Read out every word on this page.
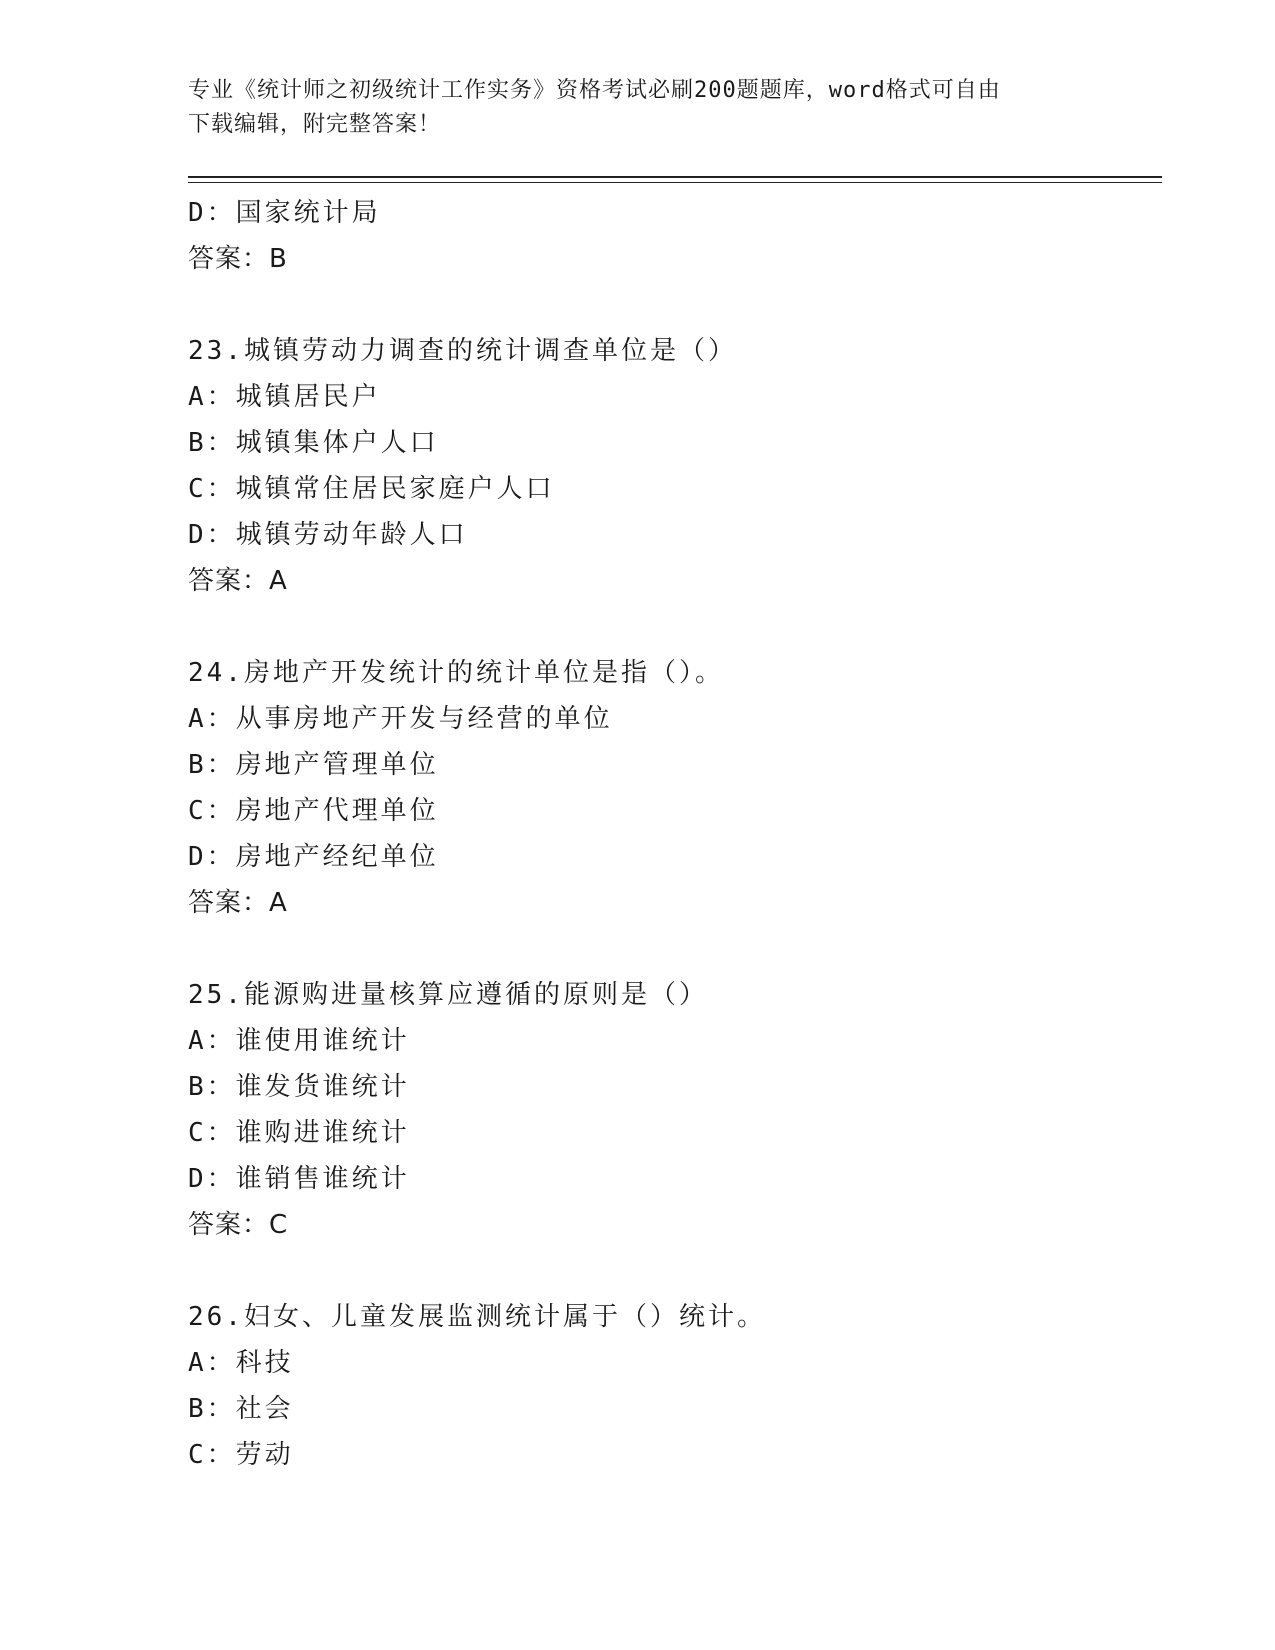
专业《统计师之初级统计工作实务》资格考试必刷200题题库，word格式可自由
下载编辑，附完整答案！
D：国家统计局
答案：B
23.城镇劳动力调查的统计调查单位是（）
A：城镇居民户
B：城镇集体户人口
C：城镇常住居民家庭户人口
D：城镇劳动年龄人口
答案：A
24.房地产开发统计的统计单位是指（）。
A：从事房地产开发与经营的单位
B：房地产管理单位
C：房地产代理单位
D：房地产经纪单位
答案：A
25.能源购进量核算应遵循的原则是（）
A：谁使用谁统计
B：谁发货谁统计
C：谁购进谁统计
D：谁销售谁统计
答案：C
26.妇女、儿童发展监测统计属于（）统计。
A：科技
B：社会
C：劳动
